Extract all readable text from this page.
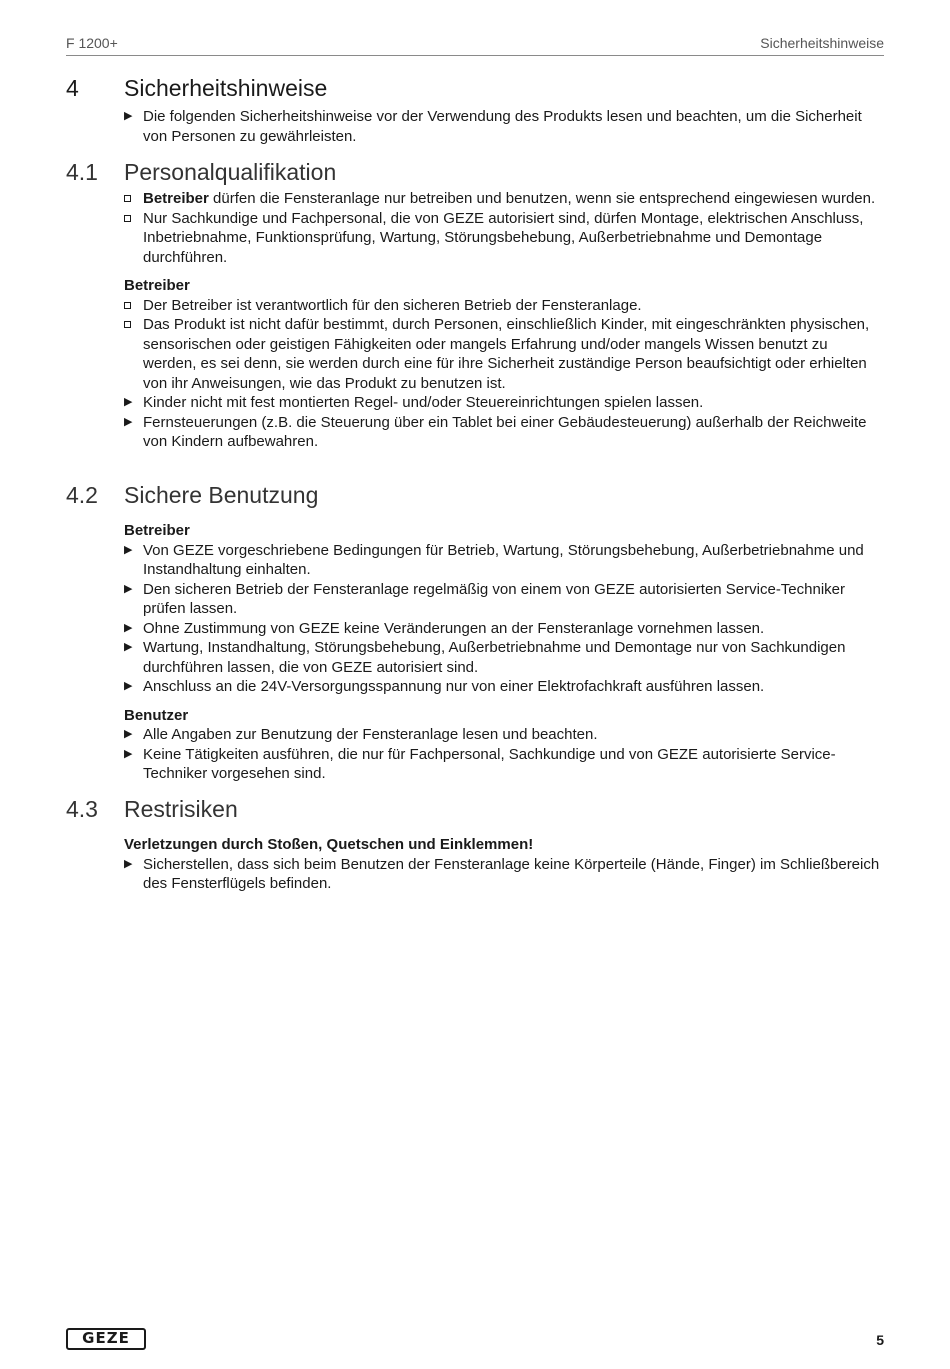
F 1200+	Sicherheitshinweise
4 Sicherheitshinweise
▶ Die folgenden Sicherheitshinweise vor der Verwendung des Produkts lesen und beachten, um die Sicherheit von Personen zu gewährleisten.
4.1 Personalqualifikation
Betreiber dürfen die Fensteranlage nur betreiben und benutzen, wenn sie entsprechend eingewiesen wurden.
Nur Sachkundige und Fachpersonal, die von GEZE autorisiert sind, dürfen Montage, elektrischen Anschluss, Inbetriebnahme, Funktionsprüfung, Wartung, Störungsbehebung, Außerbetriebnahme und Demontage durchführen.
Betreiber
Der Betreiber ist verantwortlich für den sicheren Betrieb der Fensteranlage.
Das Produkt ist nicht dafür bestimmt, durch Personen, einschließlich Kinder, mit eingeschränkten physischen, sensorischen oder geistigen Fähigkeiten oder mangels Erfahrung und/oder mangels Wissen benutzt zu werden, es sei denn, sie werden durch eine für ihre Sicherheit zuständige Person beaufsichtigt oder erhielten von ihr Anweisungen, wie das Produkt zu benutzen ist.
▶ Kinder nicht mit fest montierten Regel- und/oder Steuereinrichtungen spielen lassen.
▶ Fernsteuerungen (z.B. die Steuerung über ein Tablet bei einer Gebäudesteuerung) außerhalb der Reichweite von Kindern aufbewahren.
4.2 Sichere Benutzung
Betreiber
▶ Von GEZE vorgeschriebene Bedingungen für Betrieb, Wartung, Störungsbehebung, Außerbetriebnahme und Instandhaltung einhalten.
▶ Den sicheren Betrieb der Fensteranlage regelmäßig von einem von GEZE autorisierten Service-Techniker prüfen lassen.
▶ Ohne Zustimmung von GEZE keine Veränderungen an der Fensteranlage vornehmen lassen.
▶ Wartung, Instandhaltung, Störungsbehebung, Außerbetriebnahme und Demontage nur von Sachkundigen durchführen lassen, die von GEZE autorisiert sind.
▶ Anschluss an die 24V-Versorgungsspannung nur von einer Elektrofachkraft ausführen lassen.
Benutzer
▶ Alle Angaben zur Benutzung der Fensteranlage lesen und beachten.
▶ Keine Tätigkeiten ausführen, die nur für Fachpersonal, Sachkundige und von GEZE autorisierte Service-Techniker vorgesehen sind.
4.3 Restrisiken
Verletzungen durch Stoßen, Quetschen und Einklemmen!
▶ Sicherstellen, dass sich beim Benutzen der Fensteranlage keine Körperteile (Hände, Finger) im Schließbereich des Fensterflügels befinden.
GEZE	5
